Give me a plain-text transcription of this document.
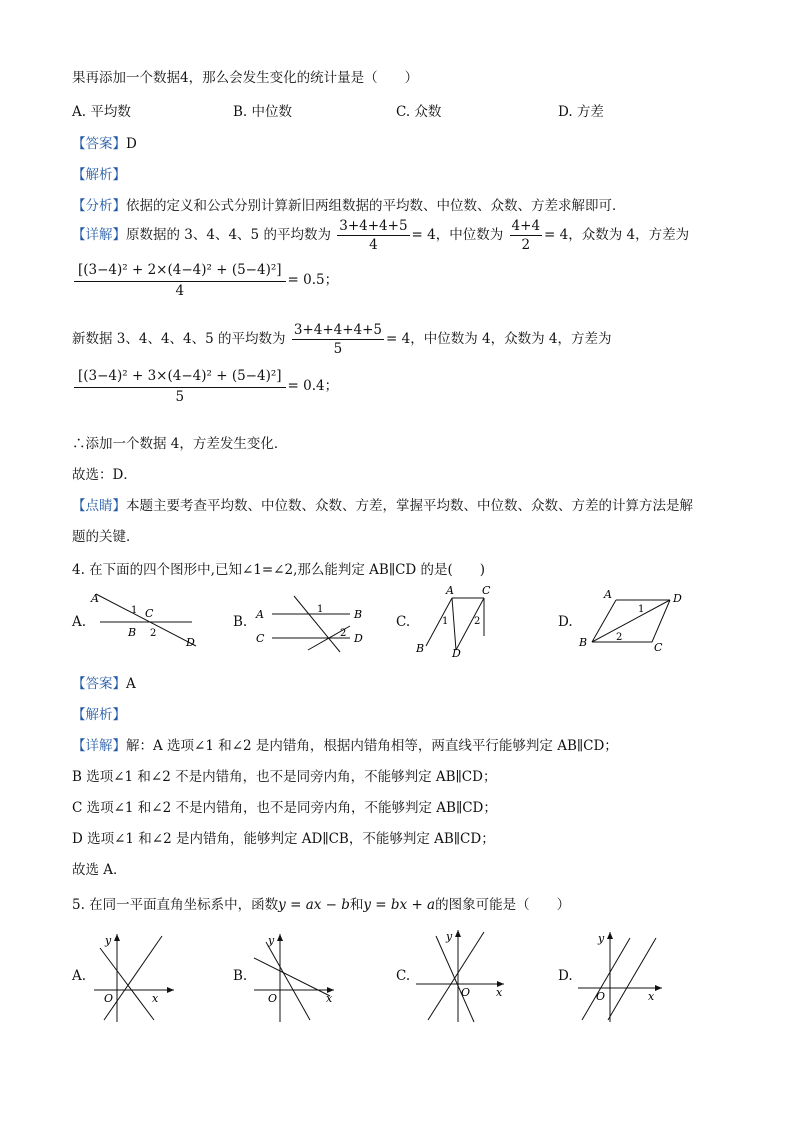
果再添加一个数据4，那么会发生变化的统计量是（　　）
A. 平均数	B. 中位数	C. 众数	D. 方差
【答案】D
【解析】
【分析】依据的定义和公式分别计算新旧两组数据的平均数、中位数、众数、方差求解即可．
【详解】原数据的 3、4、4、5 的平均数为 $\frac{3+4+4+5}{4} = 4$，中位数为 $\frac{4+4}{2} = 4$，众数为 4，方差为
$\frac{\text{[(3−4)² + 2×(4−4)² + (5−4)²]}}{4} = 0.5$；
新数据 3、4、4、4、5 的平均数为 $\frac{3+4+4+4+5}{5} = 4$，中位数为 4，众数为 4，方差为
$\frac{\text{[(3−4)² + 3×(4−4)² + (5−4)²]}}{5} = 0.4$；
∴添加一个数据 4，方差发生变化．
故选：D．
【点睛】本题主要考查平均数、中位数、众数、方差，掌握平均数、中位数、众数、方差的计算方法是解
题的关键．
4. 在下面的四个图形中,已知∠1=∠2,那么能判定 AB∥CD 的是(　　)
A.
A
B
C
D
1
2
B. A	B
C	D
1
2
C.
A
B
C
D
1	2	D.
A
B	C
D
1
2
【答案】A
【解析】
【详解】解：A 选项∠1 和∠2 是内错角，根据内错角相等，两直线平行能够判定 AB∥CD；
B 选项∠1 和∠2 不是内错角，也不是同旁内角，不能够判定 AB∥CD；
C 选项∠1 和∠2 不是内错角，也不是同旁内角，不能够判定 AB∥CD；
D 选项∠1 和∠2 是内错角，能够判定 AD∥CB，不能够判定 AB∥CD；
故选 A．
5. 在同一平面直角坐标系中，函数y = ax − b和y = bx + a的图象可能是（　　）
A.
x
y
O
B.
x
y
O
C.
x
y
O
D.
x
y
O
